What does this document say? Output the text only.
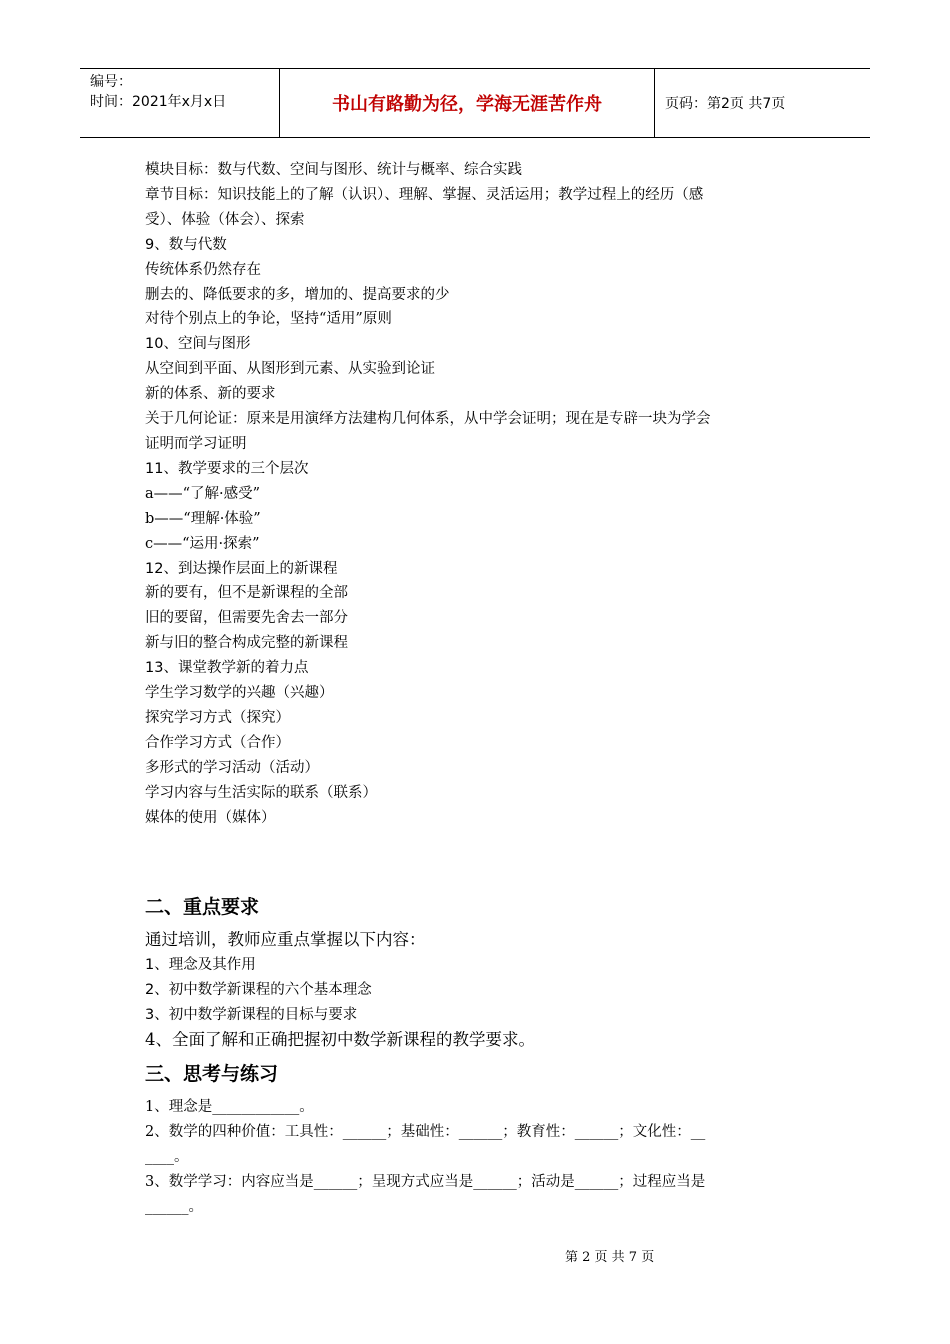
编号：
时间：2021年x月x日	书山有路勤为径，学海无涯苦作舟	页码：第2页 共7页
模块目标：数与代数、空间与图形、统计与概率、综合实践
章节目标：知识技能上的了解（认识）、理解、掌握、灵活运用；教学过程上的经历（感
受）、体验（体会）、探索
9、数与代数
传统体系仍然存在
删去的、降低要求的多，增加的、提高要求的少
对待个别点上的争论，坚持“适用”原则
10、空间与图形
从空间到平面、从图形到元素、从实验到论证
新的体系、新的要求
关于几何论证：原来是用演绎方法建构几何体系，从中学会证明；现在是专辟一块为学会
证明而学习证明
11、教学要求的三个层次
a——“了解·感受”
b——“理解·体验”
c——“运用·探索”
12、到达操作层面上的新课程
新的要有，但不是新课程的全部
旧的要留，但需要先舍去一部分
新与旧的整合构成完整的新课程
13、课堂教学新的着力点
学生学习数学的兴趣（兴趣）
探究学习方式（探究）
合作学习方式（合作）
多形式的学习活动（活动）
学习内容与生活实际的联系（联系）
媒体的使用（媒体）
二、重点要求
通过培训，教师应重点掌握以下内容：
1、理念及其作用
2、初中数学新课程的六个基本理念
3、初中数学新课程的目标与要求
4、全面了解和正确把握初中数学新课程的教学要求。
三、思考与练习
1、理念是____________。
2、数学的四种价值：工具性：______；基础性：______；教育性：______；文化性：__
____。
3、数学学习：内容应当是______；呈现方式应当是______；活动是______；过程应当是
______。
第 2 页 共 7 页
